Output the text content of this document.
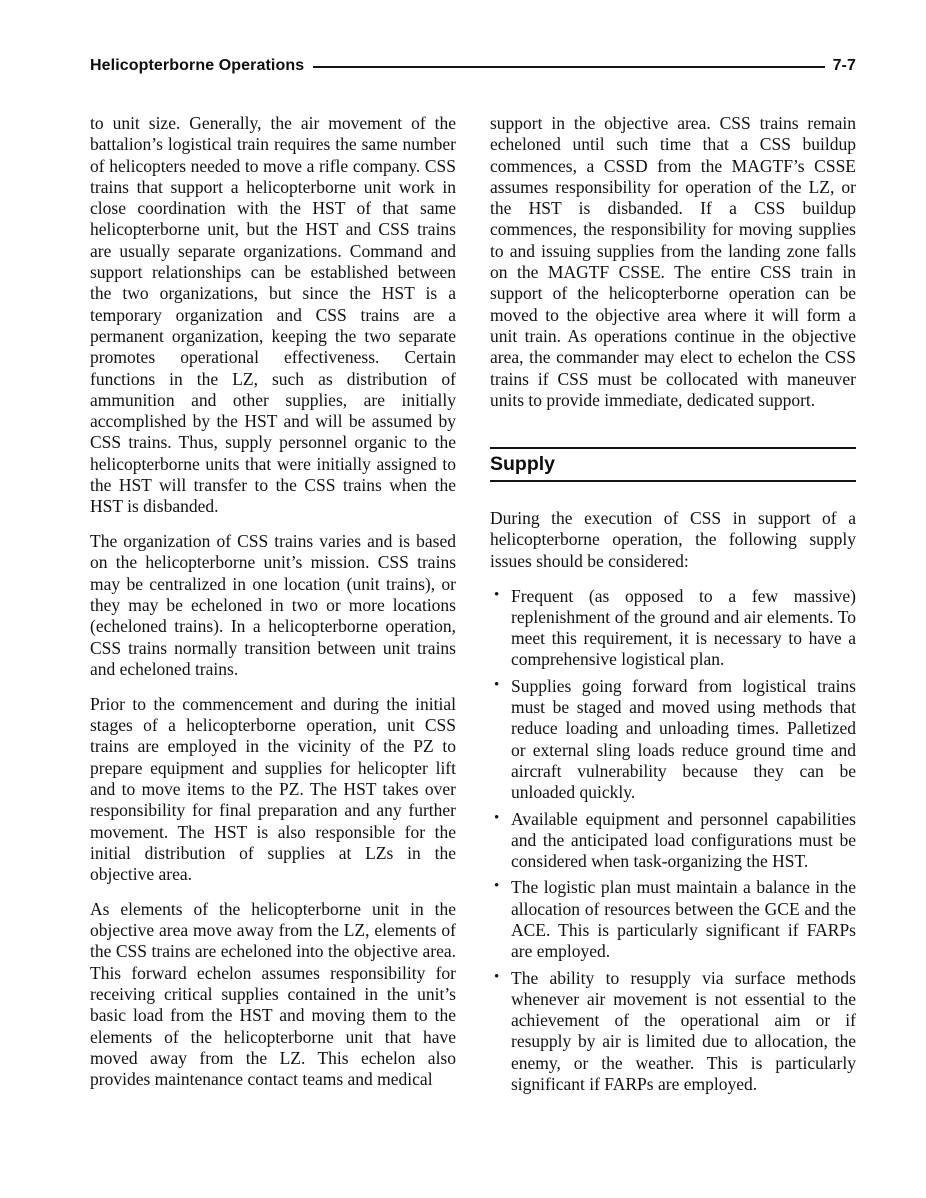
Helicopterborne Operations	7-7

to unit size. Generally, the air movement of the battalion’s logistical train requires the same number of helicopters needed to move a rifle company. CSS trains that support a helicopterborne unit work in close coordination with the HST of that same helicopterborne unit, but the HST and CSS trains are usually separate organizations. Command and support relationships can be established between the two organizations, but since the HST is a temporary organization and CSS trains are a permanent organization, keeping the two separate promotes operational effectiveness. Certain functions in the LZ, such as distribution of ammunition and other supplies, are initially accomplished by the HST and will be assumed by CSS trains. Thus, supply personnel organic to the helicopterborne units that were initially assigned to the HST will transfer to the CSS trains when the HST is disbanded.

The organization of CSS trains varies and is based on the helicopterborne unit’s mission. CSS trains may be centralized in one location (unit trains), or they may be echeloned in two or more locations (echeloned trains). In a helicopterborne operation, CSS trains normally transition between unit trains and echeloned trains.

Prior to the commencement and during the initial stages of a helicopterborne operation, unit CSS trains are employed in the vicinity of the PZ to prepare equipment and supplies for helicopter lift and to move items to the PZ. The HST takes over responsibility for final preparation and any further movement. The HST is also responsible for the initial distribution of supplies at LZs in the objective area.

As elements of the helicopterborne unit in the objective area move away from the LZ, elements of the CSS trains are echeloned into the objective area. This forward echelon assumes responsibility for receiving critical supplies contained in the unit’s basic load from the HST and moving them to the elements of the helicopterborne unit that have moved away from the LZ. This echelon also provides maintenance contact teams and medical

support in the objective area. CSS trains remain echeloned until such time that a CSS buildup commences, a CSSD from the MAGTF’s CSSE assumes responsibility for operation of the LZ, or the HST is disbanded. If a CSS buildup commences, the responsibility for moving supplies to and issuing supplies from the landing zone falls on the MAGTF CSSE. The entire CSS train in support of the helicopterborne operation can be moved to the objective area where it will form a unit train. As operations continue in the objective area, the commander may elect to echelon the CSS trains if CSS must be collocated with maneuver units to provide immediate, dedicated support.

Supply

During the execution of CSS in support of a helicopterborne operation, the following supply issues should be considered:

• Frequent (as opposed to a few massive) replenishment of the ground and air elements. To meet this requirement, it is necessary to have a comprehensive logistical plan.
• Supplies going forward from logistical trains must be staged and moved using methods that reduce loading and unloading times. Palletized or external sling loads reduce ground time and aircraft vulnerability because they can be unloaded quickly.
• Available equipment and personnel capabilities and the anticipated load configurations must be considered when task-organizing the HST.
• The logistic plan must maintain a balance in the allocation of resources between the GCE and the ACE. This is particularly significant if FARPs are employed.
• The ability to resupply via surface methods whenever air movement is not essential to the achievement of the operational aim or if resupply by air is limited due to allocation, the enemy, or the weather. This is particularly significant if FARPs are employed.
